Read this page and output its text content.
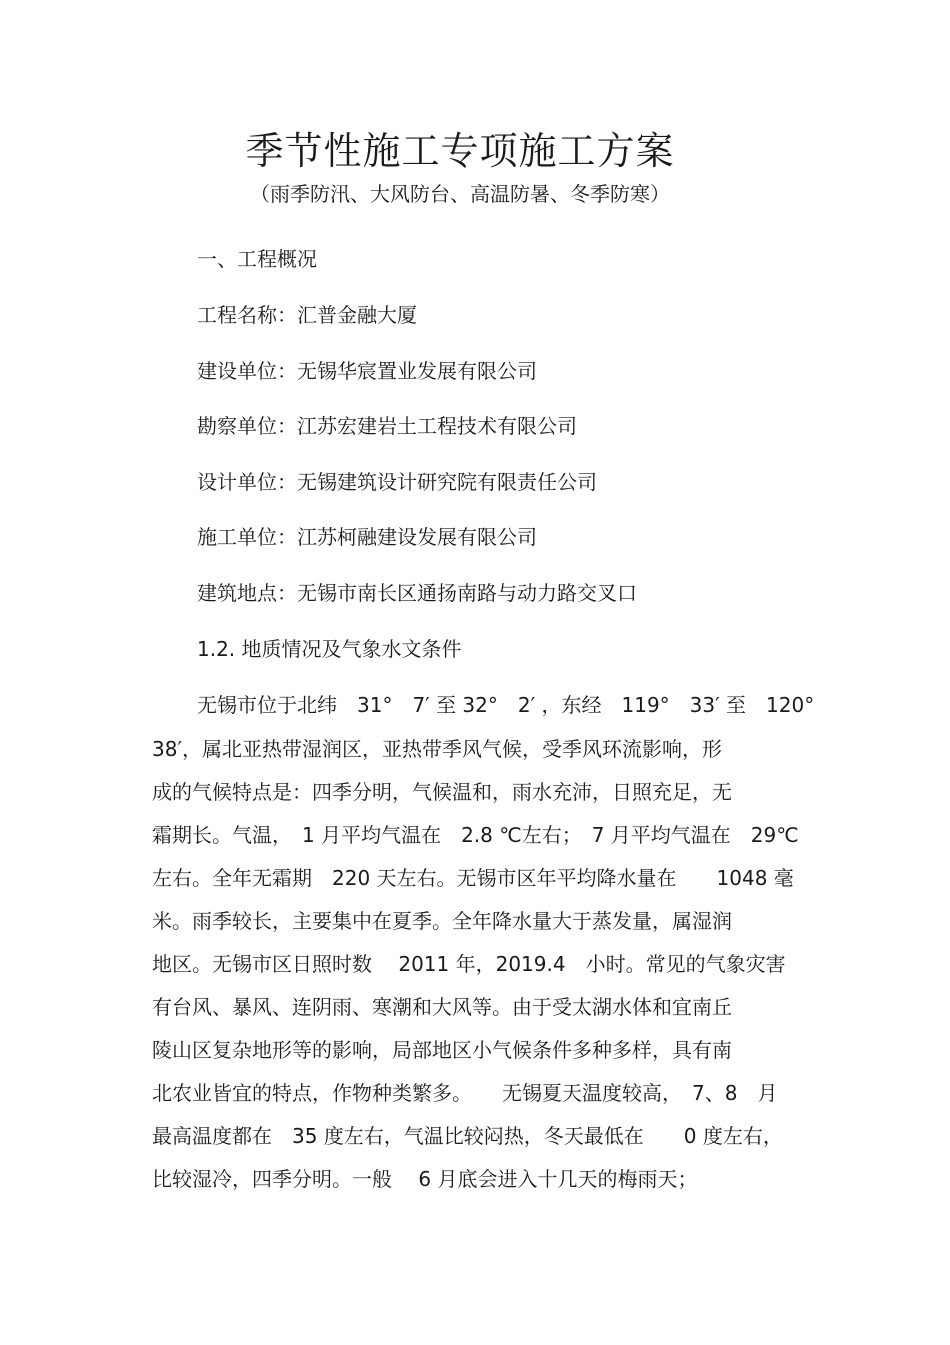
季节性施工专项施工方案
（雨季防汛、大风防台、高温防暑、冬季防寒）
一、工程概况
工程名称：汇普金融大厦
建设单位：无锡华宸置业发展有限公司
勘察单位：江苏宏建岩土工程技术有限公司
设计单位：无锡建筑设计研究院有限责任公司
施工单位：江苏柯融建设发展有限公司
建筑地点：无锡市南长区通扬南路与动力路交叉口
1.2. 地质情况及气象水文条件
无锡市位于北纬　31°　7′ 至 32°　2′ ，东经　119°　33′ 至　120°
38′，属北亚热带湿润区，亚热带季风气候，受季风环流影响，形
成的气候特点是：四季分明，气候温和，雨水充沛，日照充足，无
霜期长。气温，　1 月平均气温在　2.8 ℃左右；　7 月平均气温在　29℃
左右。全年无霜期　220 天左右。无锡市区年平均降水量在　　1048 毫
米。雨季较长，主要集中在夏季。全年降水量大于蒸发量，属湿润
地区。无锡市区日照时数　 2011 年，2019.4　小时。常见的气象灾害
有台风、暴风、连阴雨、寒潮和大风等。由于受太湖水体和宜南丘
陵山区复杂地形等的影响，局部地区小气候条件多种多样，具有南
北农业皆宜的特点，作物种类繁多。　　无锡夏天温度较高，　7、8　月
最高温度都在　35 度左右，气温比较闷热，冬天最低在　　0 度左右，
比较湿冷，四季分明。一般　 6 月底会进入十几天的梅雨天；
